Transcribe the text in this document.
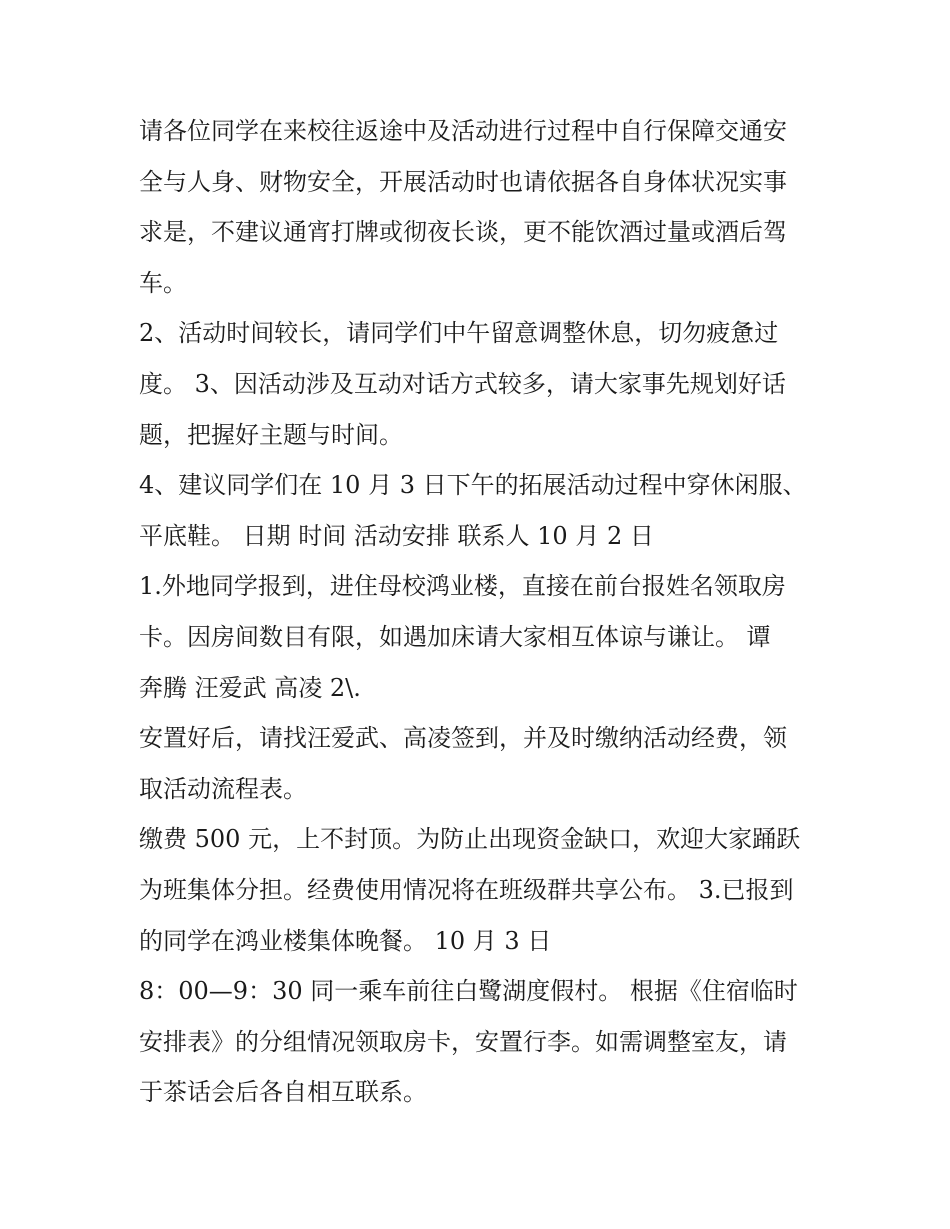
请各位同学在来校往返途中及活动进行过程中自行保障交通安
全与人身、财物安全，开展活动时也请依据各自身体状况实事
求是，不建议通宵打牌或彻夜长谈，更不能饮酒过量或酒后驾
车。

2、活动时间较长，请同学们中午留意调整休息，切勿疲惫过
度。 3、因活动涉及互动对话方式较多，请大家事先规划好话
题，把握好主题与时间。

4、建议同学们在 10 月 3 日下午的拓展活动过程中穿休闲服、
平底鞋。 日期 时间 活动安排 联系人 10 月 2 日

1.外地同学报到，进住母校鸿业楼，直接在前台报姓名领取房
卡。因房间数目有限，如遇加床请大家相互体谅与谦让。 谭
奔腾 汪爱武 高凌 2\.

安置好后，请找汪爱武、高凌签到，并及时缴纳活动经费，领
取活动流程表。

缴费 500 元，上不封顶。为防止出现资金缺口，欢迎大家踊跃
为班集体分担。经费使用情况将在班级群共享公布。 3.已报到
的同学在鸿业楼集体晚餐。 10 月 3 日

8：00—9：30 同一乘车前往白鹭湖度假村。 根据《住宿临时
安排表》的分组情况领取房卡，安置行李。如需调整室友，请
于茶话会后各自相互联系。
